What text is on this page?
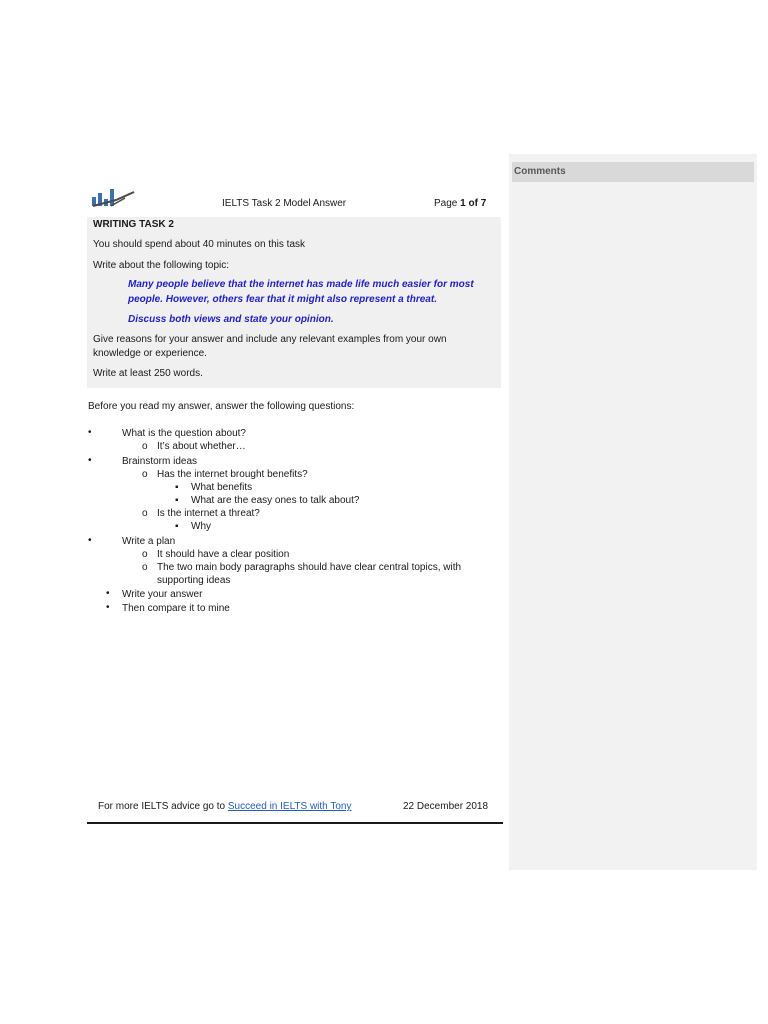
Comments
IELTS Task 2 Model Answer	Page 1 of 7
WRITING TASK 2
You should spend about 40 minutes on this task
Write about the following topic:
Many people believe that the internet has made life much easier for most
people. However, others fear that it might also represent a threat.
Discuss both views and state your opinion.
Give reasons for your answer and include any relevant examples from your own
knowledge or experience.
Write at least 250 words.
Before you read my answer, answer the following questions:
•	What is the question about?
o It’s about whether…
•	Brainstorm ideas
o Has the internet brought benefits?
▪ What benefits
▪ What are the easy ones to talk about?
o Is the internet a threat?
▪ Why
•	Write a plan
o It should have a clear position
o The two main body paragraphs should have clear central topics, with
supporting ideas
• Write your answer
• Then compare it to mine
For more IELTS advice go to Succeed in IELTS with Tony	22 December 2018
